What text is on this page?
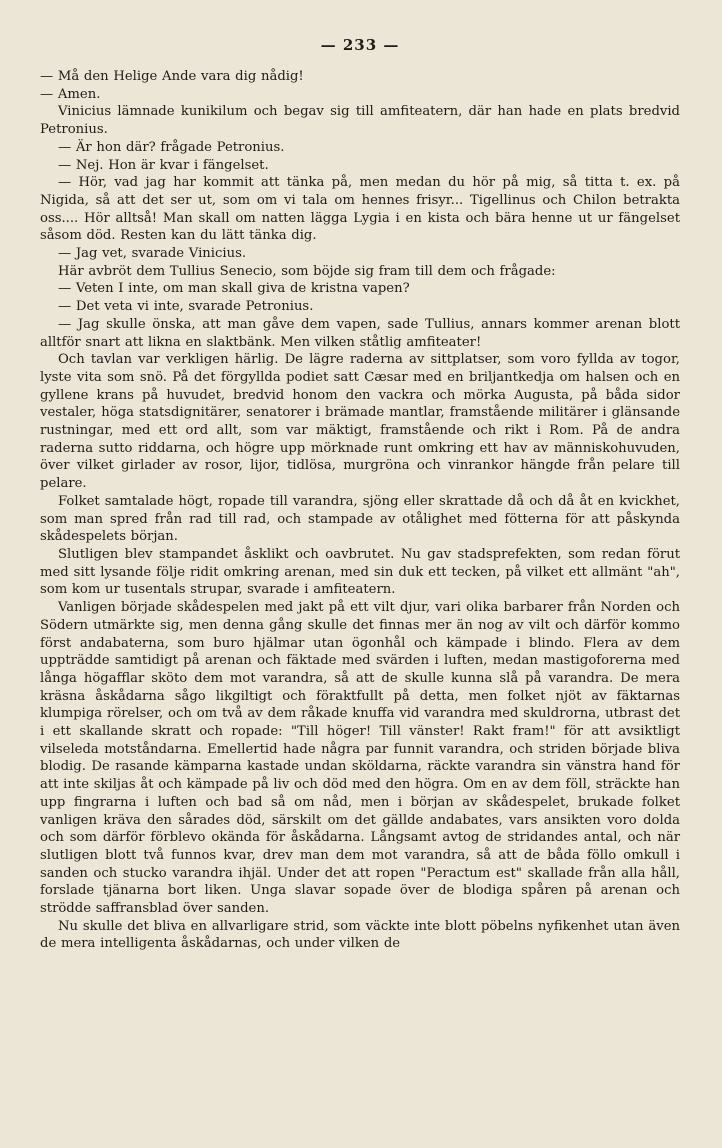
— 233 —

— Må den Helige Ande vara dig nådig!

— Amen.

Vinicius lämnade kunikilum och begav sig till amfiteatern, där han hade en plats bredvid Petronius.

— Är hon där? frågade Petronius.

— Nej. Hon är kvar i fängelset.

— Hör, vad jag har kommit att tänka på, men medan du hör på mig, så titta t. ex. på Nigida, så att det ser ut, som om vi tala om hennes frisyr... Tigellinus och Chilon betrakta oss.... Hör alltså! Man skall om natten lägga Lygia i en kista och bära henne ut ur fängelset såsom död. Resten kan du lätt tänka dig.

— Jag vet, svarade Vinicius.

Här avbröt dem Tullius Senecio, som böjde sig fram till dem och frågade:

— Veten I inte, om man skall giva de kristna vapen?

— Det veta vi inte, svarade Petronius.

— Jag skulle önska, att man gåve dem vapen, sade Tullius, annars kommer arenan blott alltför snart att likna en slaktbänk. Men vilken ståtlig amfiteater!

Och tavlan var verkligen härlig. De lägre raderna av sittplatser, som voro fyllda av togor, lyste vita som snö. På det förgyllda podiet satt Cæsar med en briljantkedja om halsen och en gyllene krans på huvudet, bredvid honom den vackra och mörka Augusta, på båda sidor vestaler, höga statsdignitärer, senatorer i brämade mantlar, framstående militärer i glänsande rustningar, med ett ord allt, som var mäktigt, framstående och rikt i Rom. På de andra raderna sutto riddarna, och högre upp mörknade runt omkring ett hav av människohuvuden, över vilket girlader av rosor, lijor, tidlösa, murgröna och vinrankor hängde från pelare till pelare.

Folket samtalade högt, ropade till varandra, sjöng eller skrattade då och då åt en kvickhet, som man spred från rad till rad, och stampade av otålighet med fötterna för att påskynda skådespelets början.

Slutligen blev stampandet åsklikt och oavbrutet. Nu gav stadsprefekten, som redan förut med sitt lysande följe ridit omkring arenan, med sin duk ett tecken, på vilket ett allmänt "ah", som kom ur tusentals strupar, svarade i amfiteatern.

Vanligen började skådespelen med jakt på ett vilt djur, vari olika barbarer från Norden och Södern utmärkte sig, men denna gång skulle det finnas mer än nog av vilt och därför kommo först andabaterna, som buro hjälmar utan ögonhål och kämpade i blindo. Flera av dem uppträdde samtidigt på arenan och fäktade med svärden i luften, medan mastigoforerna med långa högafflar sköto dem mot varandra, så att de skulle kunna slå på varandra. De mera kräsna åskådarna sågo likgiltigt och föraktfullt på detta, men folket njöt av fäktarnas klumpiga rörelser, och om två av dem råkade knuffa vid varandra med skuldrorna, utbrast det i ett skallande skratt och ropade: "Till höger! Till vänster! Rakt fram!" för att avsiktligt vilseleda motståndarna. Emellertid hade några par funnit varandra, och striden började bliva blodig. De rasande kämparna kastade undan sköldarna, räckte varandra sin vänstra hand för att inte skiljas åt och kämpade på liv och död med den högra. Om en av dem föll, sträckte han upp fingrarna i luften och bad så om nåd, men i början av skådespelet, brukade folket vanligen kräva den sårades död, särskilt om det gällde andabates, vars ansikten voro dolda och som därför förblevo okända för åskådarna. Långsamt avtog de stridandes antal, och när slutligen blott två funnos kvar, drev man dem mot varandra, så att de båda föllo omkull i sanden och stucko varandra ihjäl. Under det att ropen "Peractum est" skallade från alla håll, forslade tjänarna bort liken. Unga slavar sopade över de blodiga spåren på arenan och strödde saffransblad över sanden.

Nu skulle det bliva en allvarligare strid, som väckte inte blott pöbelns nyfikenhet utan även de mera intelligenta åskådarnas, och under vilken de
